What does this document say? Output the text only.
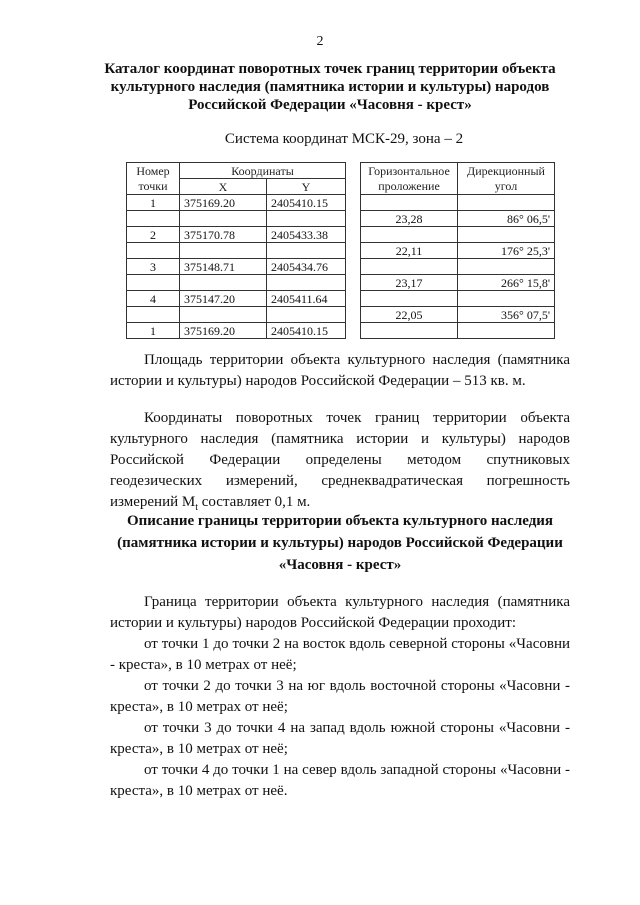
2
Каталог координат поворотных точек границ территории объекта культурного наследия (памятника истории и культуры) народов Российской Федерации «Часовня - крест»
Система координат МСК-29, зона – 2
Номер	Координаты			Горизонтальное	Дирекционный
точки	X	Y		проложение	угол
1	375169.20	2405410.15			
				23,28	86° 06,5'
2	375170.78	2405433.38			
				22,11	176° 25,3'
3	375148.71	2405434.76			
				23,17	266° 15,8'
4	375147.20	2405411.64			
				22,05	356° 07,5'
1	375169.20	2405410.15			
Площадь территории объекта культурного наследия (памятника истории и культуры) народов Российской Федерации – 513 кв. м.
Координаты поворотных точек границ территории объекта культурного наследия (памятника истории и культуры) народов Российской Федерации определены методом спутниковых геодезических измерений, среднеквадратическая погрешность измерений $M_t$ составляет 0,1 м.
Описание границы территории объекта культурного наследия (памятника истории и культуры) народов Российской Федерации «Часовня - крест»
Граница территории объекта культурного наследия (памятника истории и культуры) народов Российской Федерации проходит:
от точки 1 до точки 2 на восток вдоль северной стороны «Часовни - креста», в 10 метрах от неё;
от точки 2 до точки 3 на юг вдоль восточной стороны «Часовни - креста», в 10 метрах от неё;
от точки 3 до точки 4 на запад вдоль южной стороны «Часовни - креста», в 10 метрах от неё;
от точки 4 до точки 1 на север вдоль западной стороны «Часовни - креста», в 10 метрах от неё.
